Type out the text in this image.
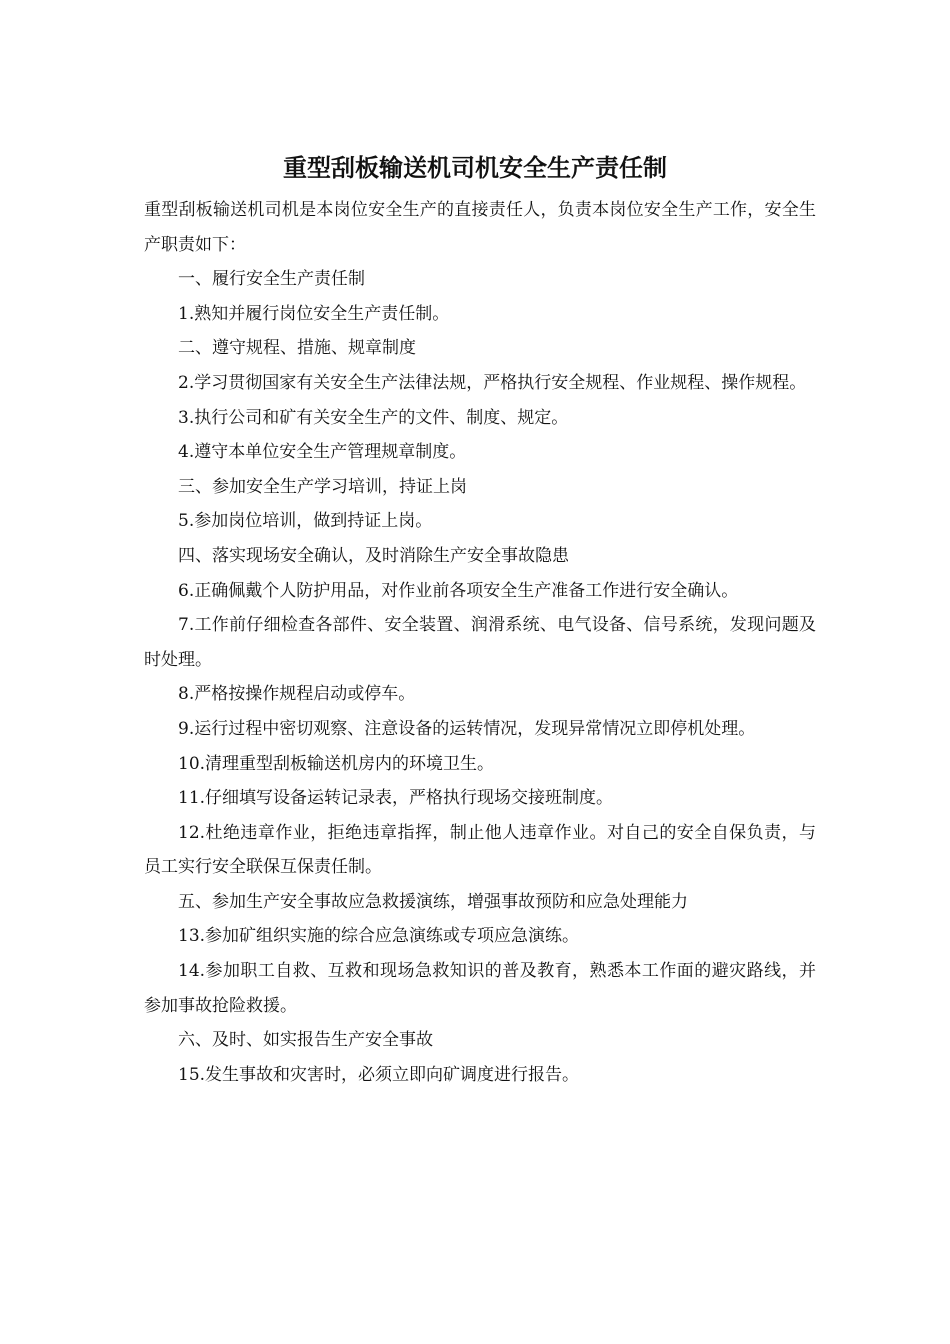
重型刮板输送机司机安全生产责任制

重型刮板输送机司机是本岗位安全生产的直接责任人，负责本岗位安全生产工作，安全生产职责如下：

一、履行安全生产责任制

1.熟知并履行岗位安全生产责任制。

二、遵守规程、措施、规章制度

2.学习贯彻国家有关安全生产法律法规，严格执行安全规程、作业规程、操作规程。

3.执行公司和矿有关安全生产的文件、制度、规定。

4.遵守本单位安全生产管理规章制度。

三、参加安全生产学习培训，持证上岗

5.参加岗位培训，做到持证上岗。

四、落实现场安全确认，及时消除生产安全事故隐患

6.正确佩戴个人防护用品，对作业前各项安全生产准备工作进行安全确认。

7.工作前仔细检查各部件、安全装置、润滑系统、电气设备、信号系统，发现问题及时处理。

8.严格按操作规程启动或停车。

9.运行过程中密切观察、注意设备的运转情况，发现异常情况立即停机处理。

10.清理重型刮板输送机房内的环境卫生。

11.仔细填写设备运转记录表，严格执行现场交接班制度。

12.杜绝违章作业，拒绝违章指挥，制止他人违章作业。对自己的安全自保负责，与员工实行安全联保互保责任制。

五、参加生产安全事故应急救援演练，增强事故预防和应急处理能力

13.参加矿组织实施的综合应急演练或专项应急演练。

14.参加职工自救、互救和现场急救知识的普及教育，熟悉本工作面的避灾路线，并参加事故抢险救援。

六、及时、如实报告生产安全事故

15.发生事故和灾害时，必须立即向矿调度进行报告。
